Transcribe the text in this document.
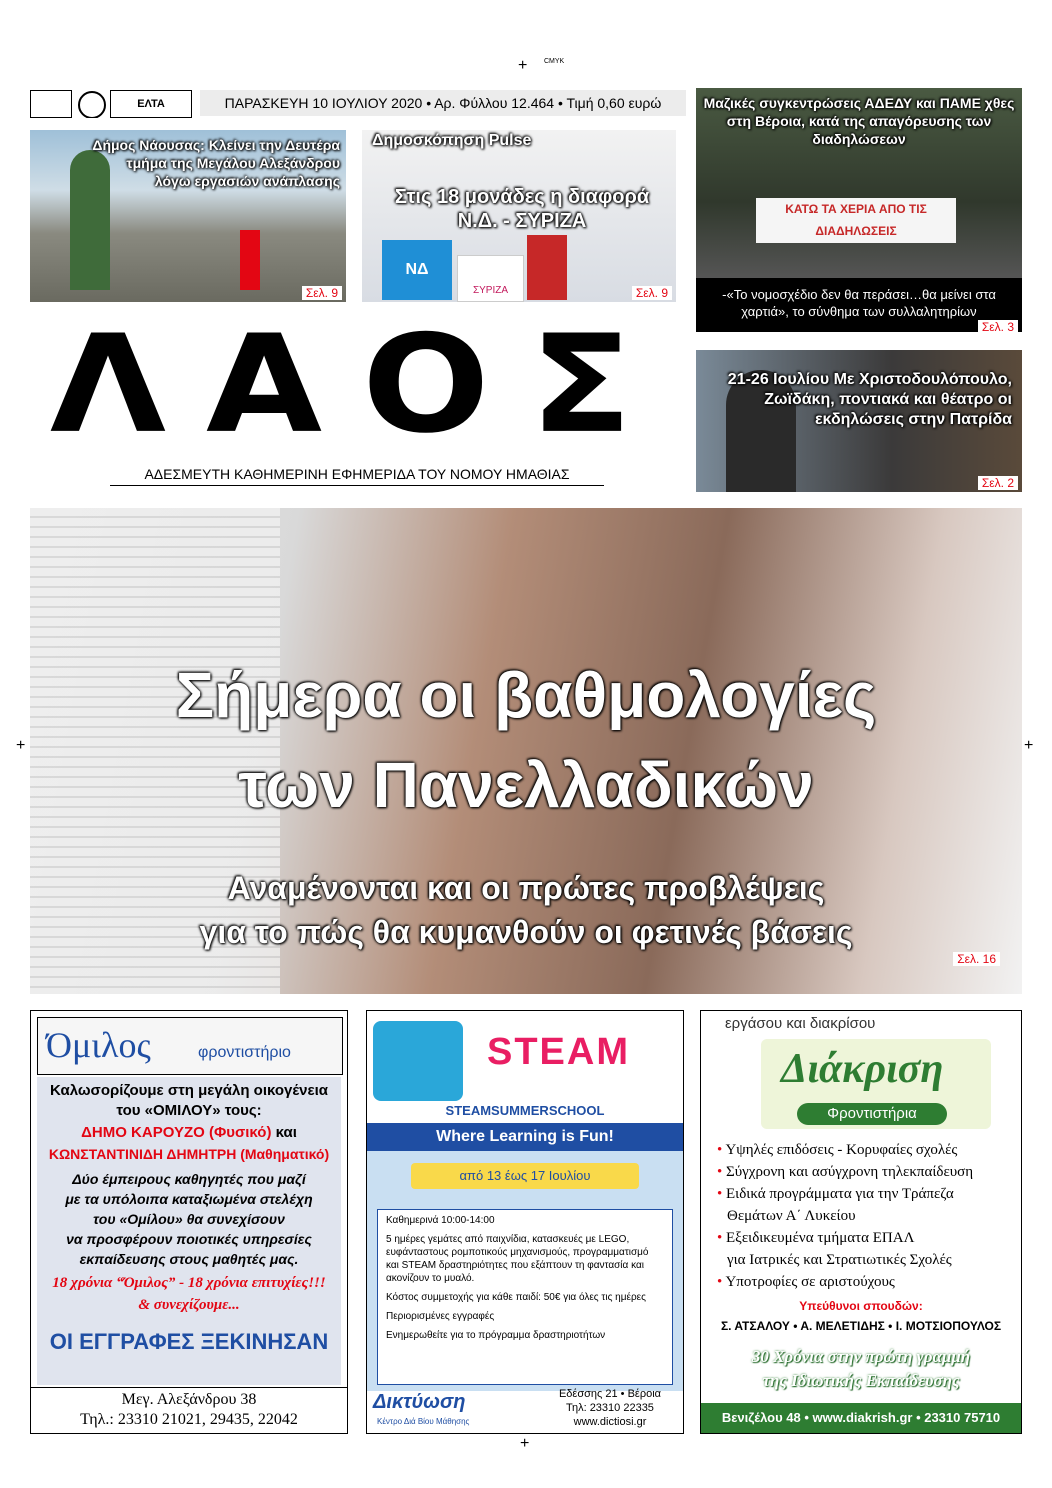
+ CMYK
+	+
+
ΕΛΤΑ	ΠΑΡΑΣΚΕΥΗ 10 ΙΟΥΛΙΟΥ 2020 • Αρ. Φύλλου 12.464 • Τιμή 0,60 ευρώ
Δήμος Νάουσας: Κλείνει την Δευτέρα τμήμα της Μεγάλου Αλεξάνδρου λόγω εργασιών ανάπλασης
Σελ. 9
Δημοσκόπηση Pulse
Στις 18 μονάδες η διαφορά
Ν.Δ. - ΣΥΡΙΖΑ
ΝΔ
ΣΥΡΙΖΑ	Σελ. 9
Μαζικές συγκεντρώσεις ΑΔΕΔΥ και ΠΑΜΕ χθες στη Βέροια, κατά της απαγόρευσης των διαδηλώσεων
ΚΑΤΩ ΤΑ ΧΕΡΙΑ ΑΠΟ ΤΙΣ ΔΙΑΔΗΛΩΣΕΙΣ
-«Το νομοσχέδιο δεν θα περάσει…θα μείνει στα χαρτιά», το σύνθημα των συλλαλητηρίων
Σελ. 3
ΛΑΟΣ
ΑΔΕΣΜΕΥΤΗ ΚΑΘΗΜΕΡΙΝΗ ΕΦΗΜΕΡΙΔΑ ΤΟΥ ΝΟΜΟΥ ΗΜΑΘΙΑΣ
21-26 Ιουλίου Με Χριστοδουλόπουλο, Ζωϊδάκη, ποντιακά και θέατρο οι εκδηλώσεις στην Πατρίδα
Σελ. 2
Σήμερα οι βαθμολογίες
των Πανελλαδικών
Αναμένονται και οι πρώτες προβλέψεις
για το πώς θα κυμανθούν οι φετινές βάσεις
Σελ. 16
Όμιλος	φροντιστήριο
Καλωσορίζουμε στη μεγάλη οικογένεια
του «ΟΜΙΛΟΥ» τους:
ΔΗΜΟ ΚΑΡΟΥΖΟ (Φυσικό) και
ΚΩΝΣΤΑΝΤΙΝΙΔΗ ΔΗΜΗΤΡΗ (Μαθηματικό)
Δύο έμπειρους καθηγητές που μαζί
με τα υπόλοιπα καταξιωμένα στελέχη
του «Ομίλου» θα συνεχίσουν
να προσφέρουν ποιοτικές υπηρεσίες
εκπαίδευσης στους μαθητές μας.
18 χρόνια “Όμιλος” - 18 χρόνια επιτυχίες!!!
& συνεχίζουμε...
ΟΙ ΕΓΓΡΑΦΕΣ ΞΕΚΙΝΗΣΑΝ
Μεγ. Αλεξάνδρου 38
Τηλ.: 23310 21021, 29435, 22042
STEAM
STEAMSUMMERSCHOOL
Where Learning is Fun!
από 13 έως 17 Ιουλίου
Καθημερινά 10:00-14:00
5 ημέρες γεμάτες από παιχνίδια, κατασκευές με LEGO, ευφάνταστους ρομποτικούς μηχανισμούς, προγραμματισμό και STEAM δραστηριότητες που εξάπτουν τη φαντασία και ακονίζουν το μυαλό.
Κόστος συμμετοχής για κάθε παιδί: 50€ για όλες τις ημέρες
Περιορισμένες εγγραφές
Ενημερωθείτε για το πρόγραμμα δραστηριοτήτων
Δικτύωση
Κέντρο Διά Βίου Μάθησης
Εδέσσης 21 • Βέροια
Τηλ: 23310 22335
www.dictiosi.gr
εργάσου και διακρίσου
Διάκριση
Φροντιστήρια
• Υψηλές επιδόσεις - Κορυφαίες σχολές
• Σύγχρονη και ασύγχρονη τηλεκπαίδευση
• Ειδικά προγράμματα για την Τράπεζα
Θεμάτων Α΄ Λυκείου
• Εξειδικευμένα τμήματα ΕΠΑΛ
για Ιατρικές και Στρατιωτικές Σχολές
• Υποτροφίες σε αριστούχους
Υπεύθυνοι σπουδών:
Σ. ΑΤΣΑΛΟΥ • Α. ΜΕΛΕΤΙΔΗΣ • Ι. ΜΟΤΣΙΟΠΟΥΛΟΣ
30 Χρόνια στην πρώτη γραμμή
της Ιδιωτικής Εκπαίδευσης
Βενιζέλου 48 • www.diakrish.gr • 23310 75710
